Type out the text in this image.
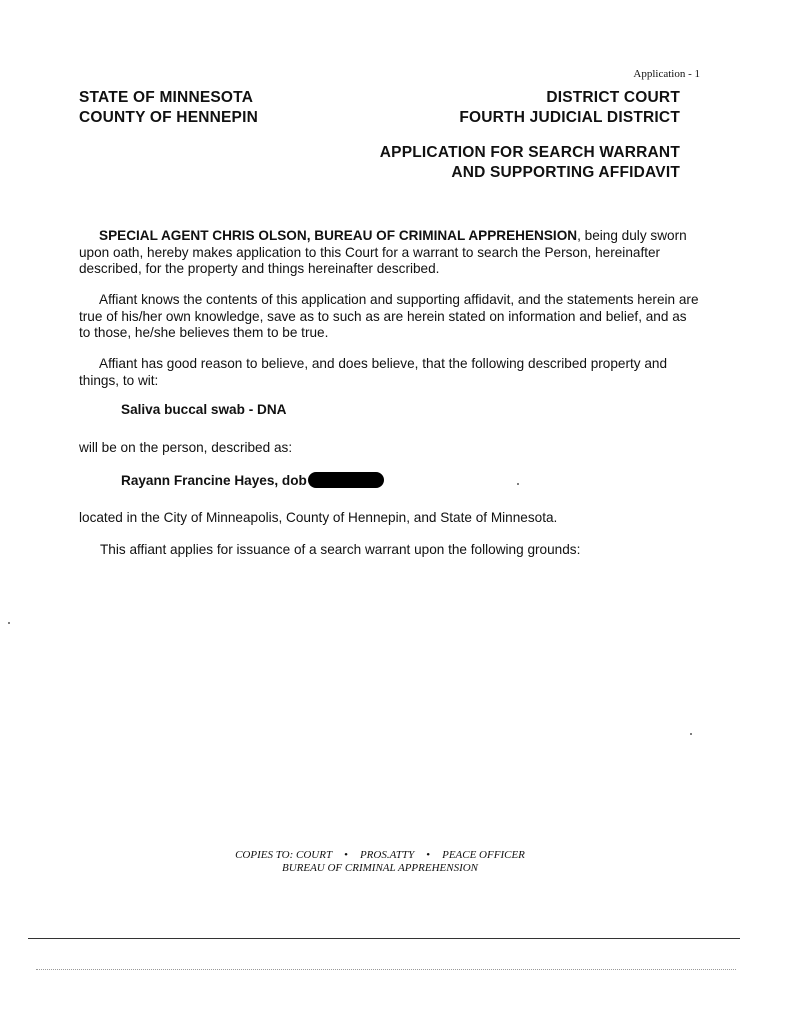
Application - 1
STATE OF MINNESOTA
COUNTY OF HENNEPIN
DISTRICT COURT
FOURTH JUDICIAL DISTRICT
APPLICATION FOR SEARCH WARRANT
AND SUPPORTING AFFIDAVIT
SPECIAL AGENT CHRIS OLSON, BUREAU OF CRIMINAL APPREHENSION, being duly sworn upon oath, hereby makes application to this Court for a warrant to search the Person, hereinafter described, for the property and things hereinafter described.
Affiant knows the contents of this application and supporting affidavit, and the statements herein are true of his/her own knowledge, save as to such as are herein stated on information and belief, and as to those, he/she believes them to be true.
Affiant has good reason to believe, and does believe, that the following described property and things, to wit:
Saliva buccal swab - DNA
will be on the person, described as:
Rayann Francine Hayes, dob
located in the City of Minneapolis, County of Hennepin, and State of Minnesota.
This affiant applies for issuance of a search warrant upon the following grounds:
COPIES TO: COURT • PROS.ATTY • PEACE OFFICER
BUREAU OF CRIMINAL APPREHENSION
